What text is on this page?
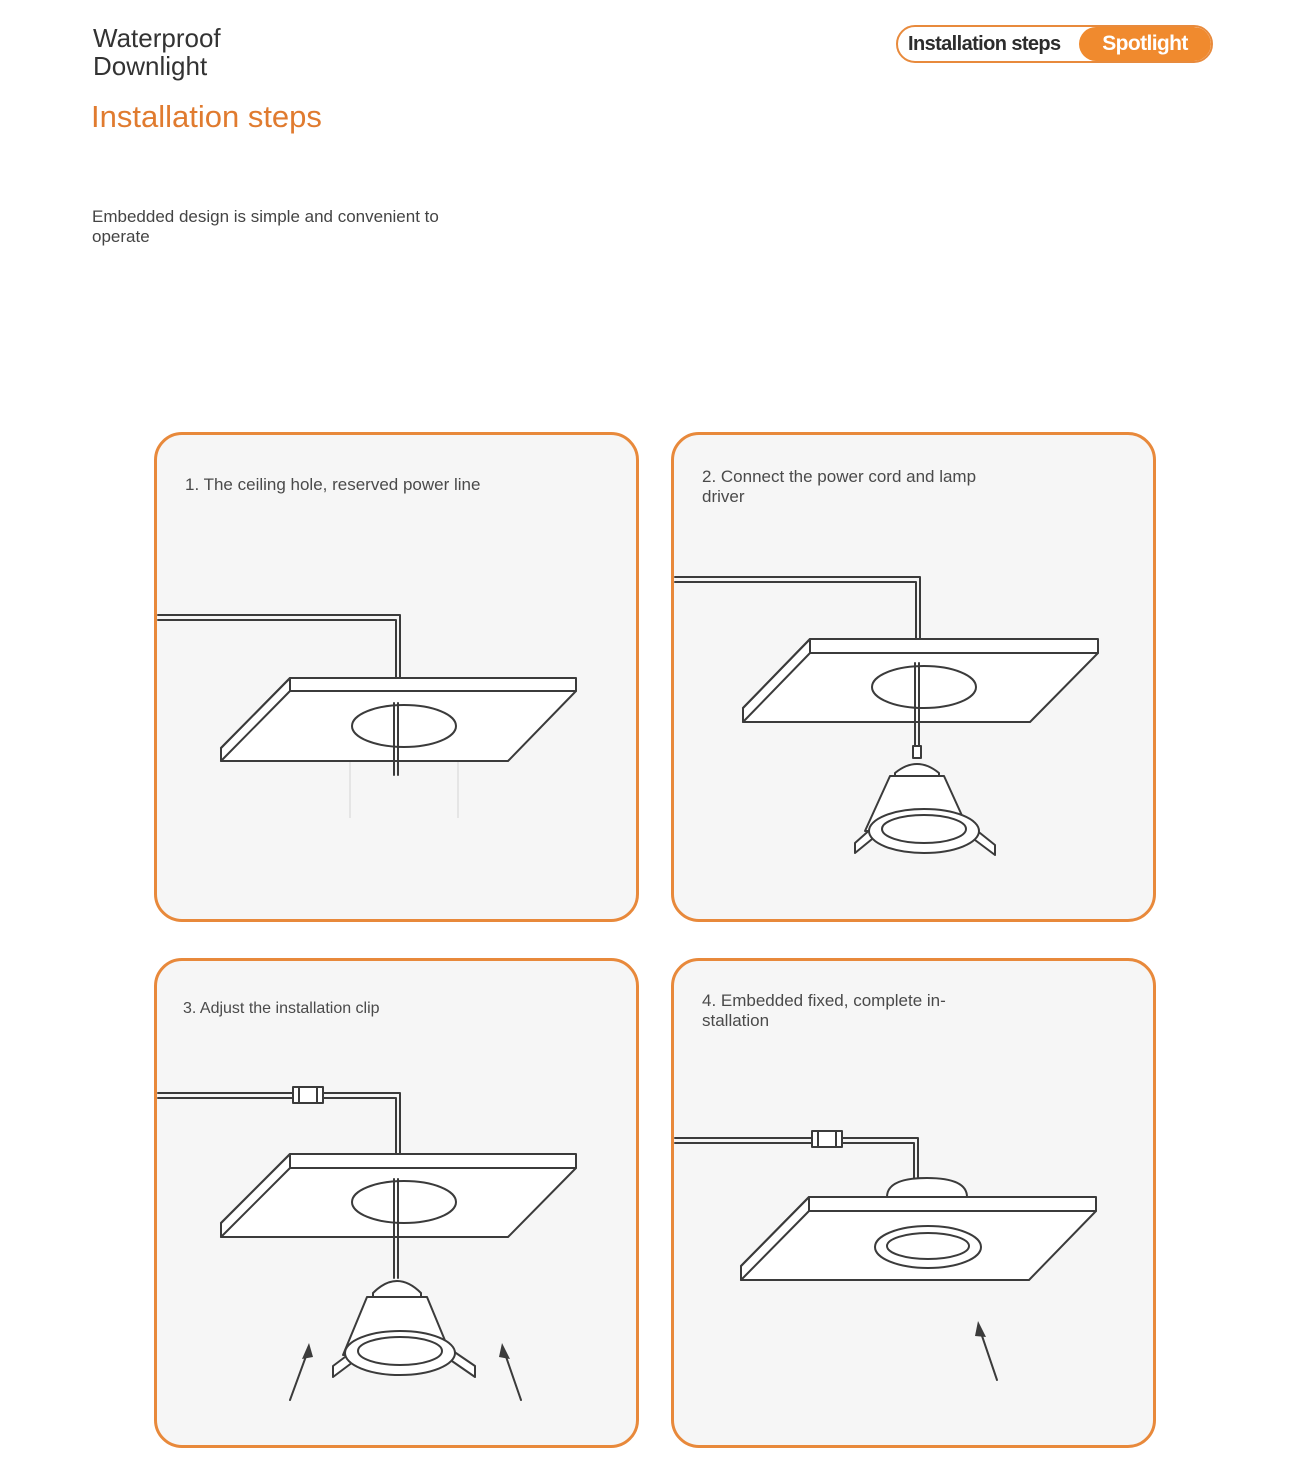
Waterproof Downlight
Installation steps

Embedded design is simple and convenient to operate

Installation steps	Spotlight

1. The ceiling hole, reserved power line	2. Connect the power cord and lamp driver

3. Adjust the installation clip	4. Embedded fixed, complete in-stallation
